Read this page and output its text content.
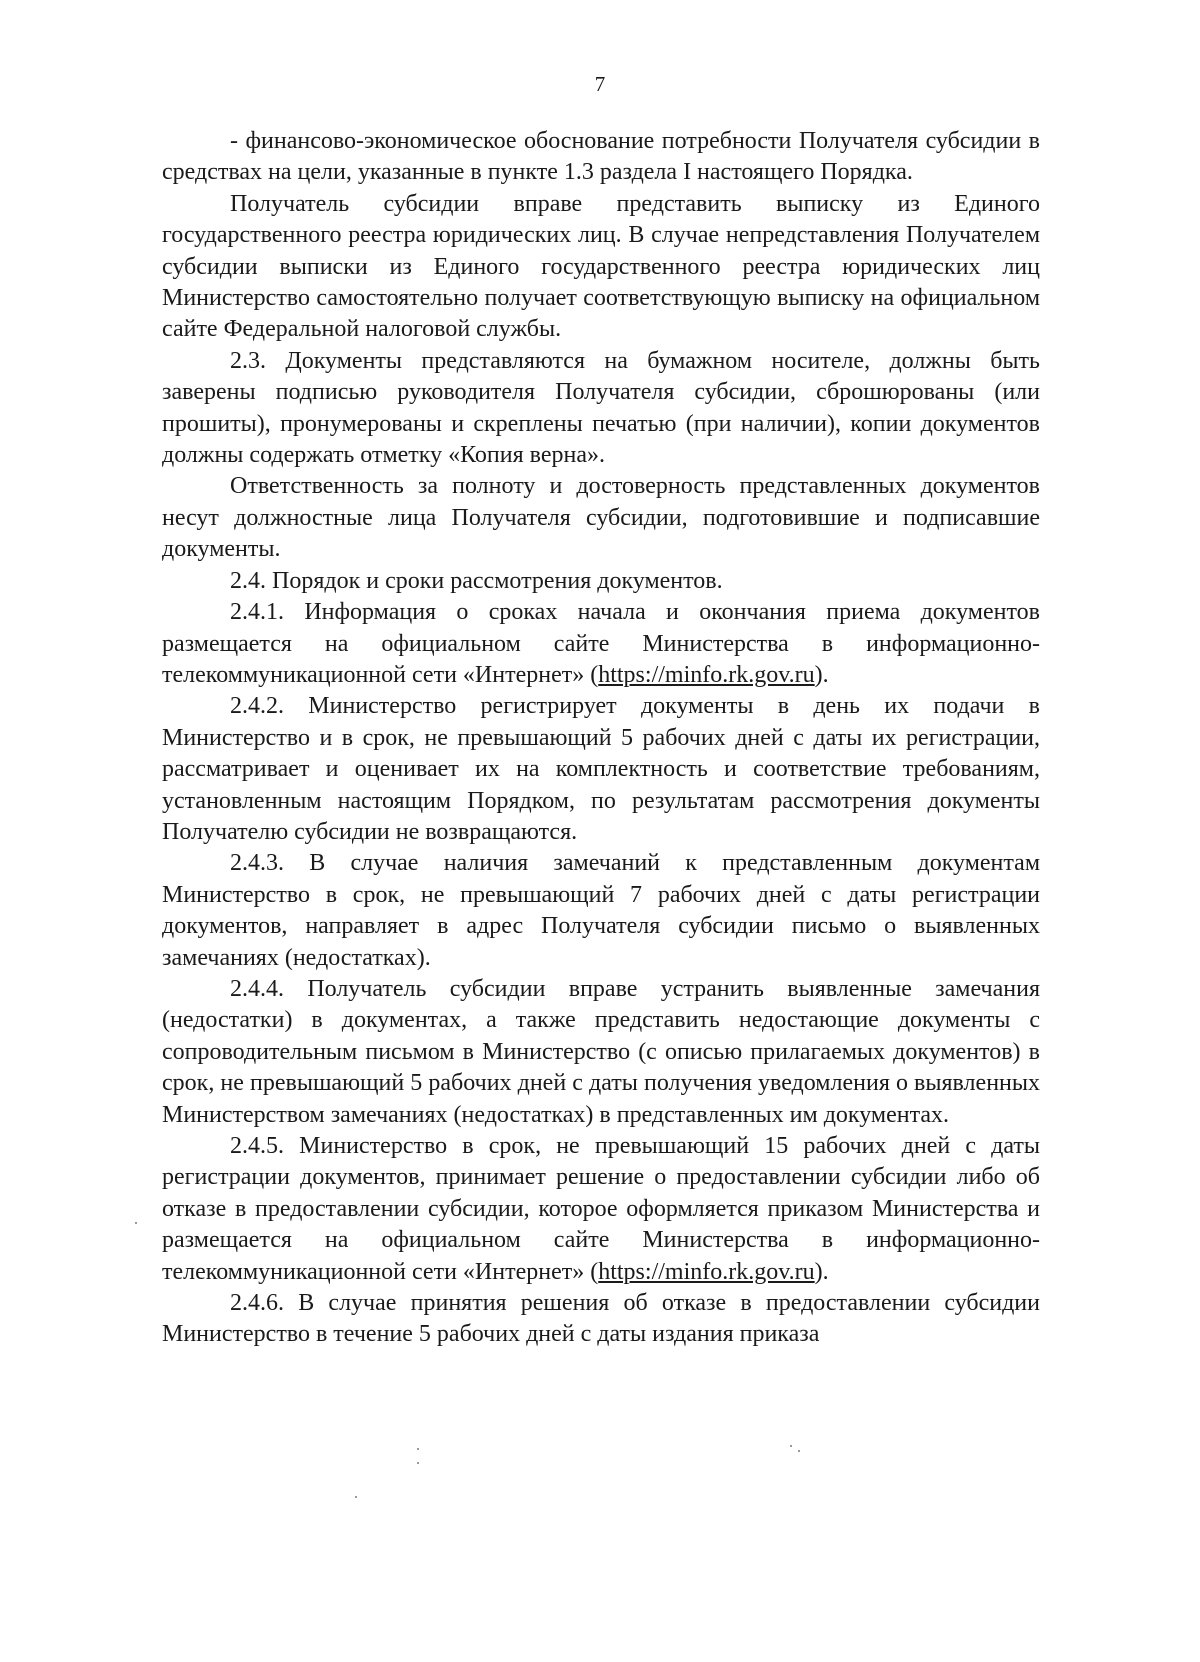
7

- финансово-экономическое обоснование потребности Получателя субсидии в средствах на цели, указанные в пункте 1.3 раздела I настоящего Порядка.

Получатель субсидии вправе представить выписку из Единого государственного реестра юридических лиц. В случае непредставления Получателем субсидии выписки из Единого государственного реестра юридических лиц Министерство самостоятельно получает соответствующую выписку на официальном сайте Федеральной налоговой службы.

2.3. Документы представляются на бумажном носителе, должны быть заверены подписью руководителя Получателя субсидии, сброшюрованы (или прошиты), пронумерованы и скреплены печатью (при наличии), копии документов должны содержать отметку «Копия верна».

Ответственность за полноту и достоверность представленных документов несут должностные лица Получателя субсидии, подготовившие и подписавшие документы.

2.4. Порядок и сроки рассмотрения документов.

2.4.1. Информация о сроках начала и окончания приема документов размещается на официальном сайте Министерства в информационно-телекоммуникационной сети «Интернет» (https://minfo.rk.gov.ru).

2.4.2. Министерство регистрирует документы в день их подачи в Министерство и в срок, не превышающий 5 рабочих дней с даты их регистрации, рассматривает и оценивает их на комплектность и соответствие требованиям, установленным настоящим Порядком, по результатам рассмотрения документы Получателю субсидии не возвращаются.

2.4.3. В случае наличия замечаний к представленным документам Министерство в срок, не превышающий 7 рабочих дней с даты регистрации документов, направляет в адрес Получателя субсидии письмо о выявленных замечаниях (недостатках).

2.4.4. Получатель субсидии вправе устранить выявленные замечания (недостатки) в документах, а также представить недостающие документы с сопроводительным письмом в Министерство (с описью прилагаемых документов) в срок, не превышающий 5 рабочих дней с даты получения уведомления о выявленных Министерством замечаниях (недостатках) в представленных им документах.

2.4.5. Министерство в срок, не превышающий 15 рабочих дней с даты регистрации документов, принимает решение о предоставлении субсидии либо об отказе в предоставлении субсидии, которое оформляется приказом Министерства и размещается на официальном сайте Министерства в информационно-телекоммуникационной сети «Интернет» (https://minfo.rk.gov.ru).

2.4.6. В случае принятия решения об отказе в предоставлении субсидии Министерство в течение 5 рабочих дней с даты издания приказа
